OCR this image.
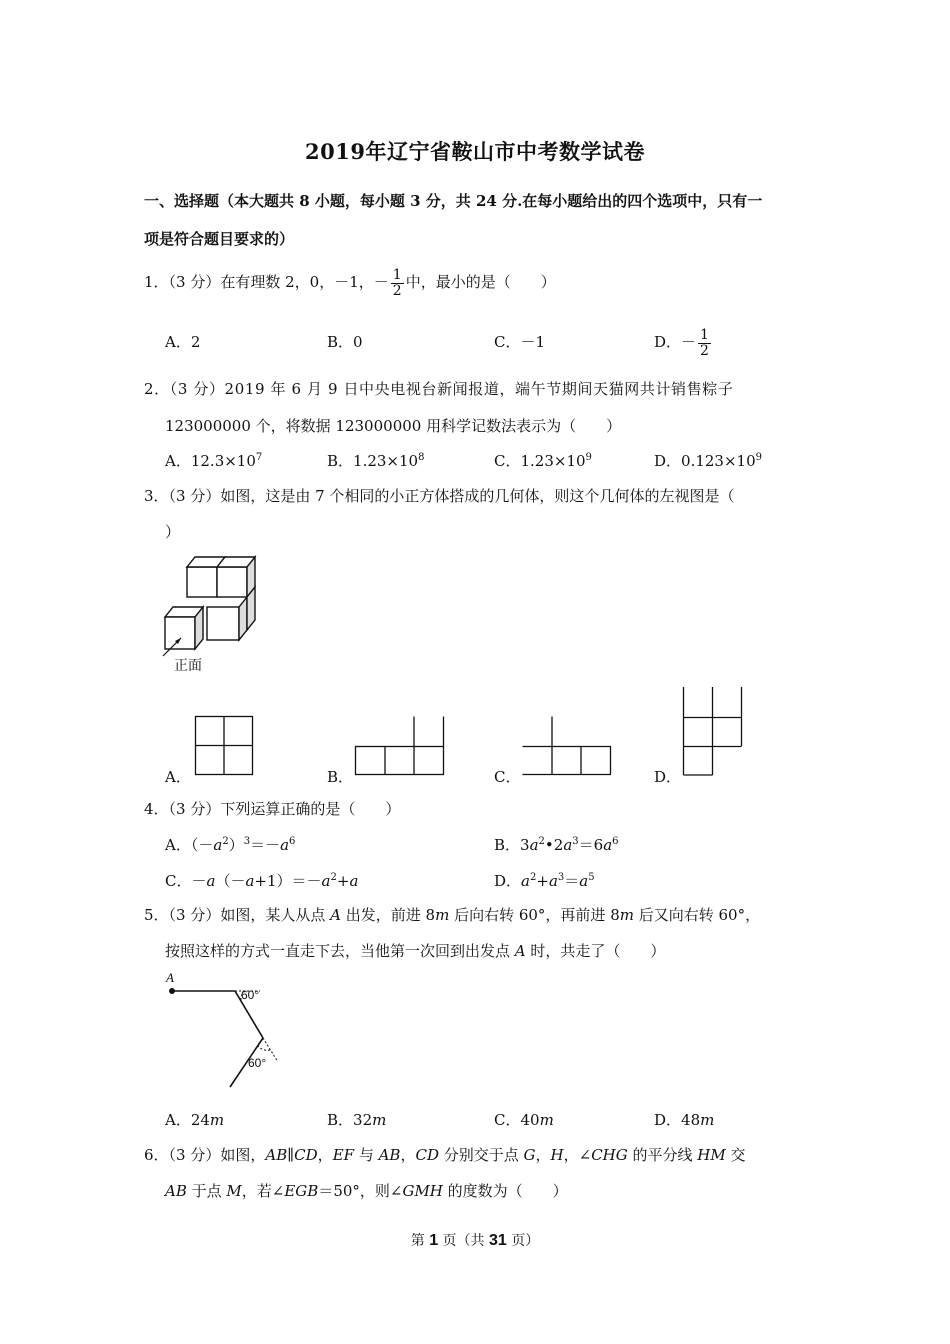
2019年辽宁省鞍山市中考数学试卷
一、选择题（本大题共 8 小题，每小题 3 分，共 24 分.在每小题给出的四个选项中，只有一
项是符合题目要求的）
1．（3 分）在有理数 2，0，－1，－ $\frac{1}{2}$ 中，最小的是（　　）
A．2	B．0	C．－1	D．－ $\frac{1}{2}$
2．（3 分）2019 年 6 月 9 日中央电视台新闻报道，端午节期间天猫网共计销售粽子
123000000 个，将数据 123000000 用科学记数法表示为（　　）
A．$12.3\times 10^7$	B．$1.23\times 10^8$	C．$1.23\times 10^9$	D．$0.123\times 10^9$
3．（3 分）如图，这是由 7 个相同的小正方体搭成的几何体，则这个几何体的左视图是（
）
正面
A．	B．	C．	D．
4．（3 分）下列运算正确的是（　　）
A．$(-a^2)^3=-a^6$	B．$3a^2•2a^3=6a^6$
C．$-a(-a+1)=-a^2+a$	D．$a^2+a^3=a^5$
5．（3 分）如图，某人从点 A 出发，前进 8m 后向右转 60°，再前进 8m 后又向右转 60°，
按照这样的方式一直走下去，当他第一次回到出发点 A 时，共走了（　　）
A
60°
60°
A．24m	B．32m	C．40m	D．48m
6．（3 分）如图，AB∥CD，EF 与 AB，CD 分别交于点 G，H，∠CHG 的平分线 HM 交
AB 于点 M，若∠EGB＝50°，则∠GMH 的度数为（　　）
第 1 页（共 31 页）
